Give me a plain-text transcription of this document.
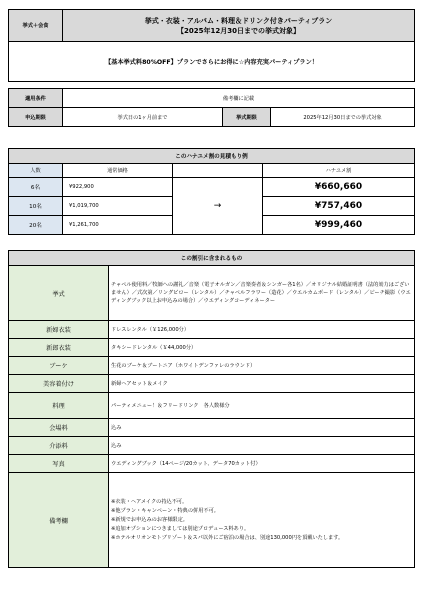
挙式＋会食	
挙式・衣装・アルバム・料理＆ドリンク付きパーティプラン
【2025年12月30日までの挙式対象】

【基本挙式料80%OFF】プランでさらにお得に☆内容充実パーティプラン！
適用条件	備考欄に記載		
申込期限	挙式日の1ヶ月前まで	挙式期限	2025年12月30日までの挙式対象
このハナユメ割の見積もり例			
人数	通常価格		ハナユメ割
6名	¥922,900	→	¥660,660
10名	¥1,019,700		¥757,460
20名	¥1,261,700		¥999,460
この割引に含まれるもの	
挙式	チャペル使用料／牧師への謝礼／音楽（電子オルガン／音楽奏者＆シンガー各1名）／オリジナル結婚証明書（法的効力はございません）／式次第／リングピロー（レンタル）／チャペルフラワー（造花）／ウエルカムボード（レンタル）／ビーチ撮影（ウエディングブック以上お申込みの場合）／ウエディングコーディネーター
新婦衣装	ドレスレンタル（￥126,000分）
新郎衣装	タキシードレンタル（￥44,000分）
ブーケ	生花のブーケ＆ブートニア（ホワイトデンファレのラウンド）
美容着付け	新婦ヘアセット＆メイク
料理	パーティメニュー！＆フリードリンク　各人数様分
会場料	込み
介添料	込み
写真	ウエディングブック（14ページ/20カット、データ70カット付）
備考欄	※衣装・ヘアメイクの持込不可。
※他プラン・キャンペーン・特典の併用不可。
※新規でお申込みのお客様限定。
※追加オプションにつきましては別途プロデュース料あり。
※ホテルオリオンモトブリゾート＆スパ以外にご宿泊の場合は、別途130,000円を頂戴いたします。
